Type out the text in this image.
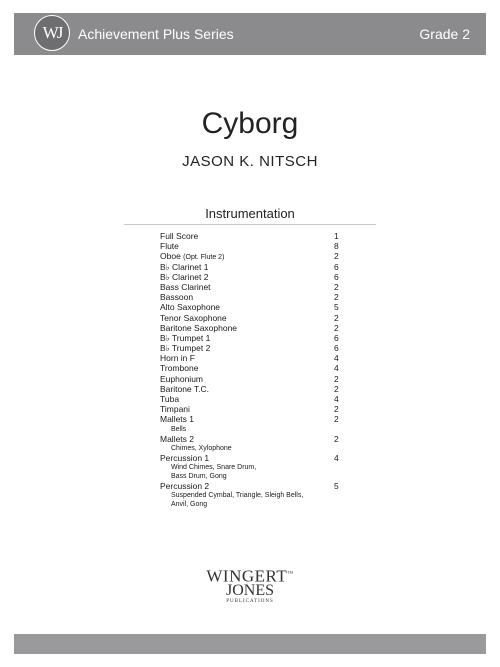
WJ	Achievement Plus Series	Grade 2
Cyborg
JASON K. NITSCH
Instrumentation
Full Score	1
Flute	8
Oboe (Opt. Flute 2)	2
B♭ Clarinet 1	6
B♭ Clarinet 2	6
Bass Clarinet	2
Bassoon	2
Alto Saxophone	5
Tenor Saxophone	2
Baritone Saxophone	2
B♭ Trumpet 1	6
B♭ Trumpet 2	6
Horn in F	4
Trombone	4
Euphonium	2
Baritone T.C.	2
Tuba	4
Timpani	2
Mallets 1	2
Bells
Mallets 2	2
Chimes, Xylophone
Percussion 1	4
Wind Chimes, Snare Drum,
Bass Drum, Gong
Percussion 2	5
Suspended Cymbal, Triangle, Sleigh Bells,
Anvil, Gong
WINGERT™
JONES
PUBLICATIONS
